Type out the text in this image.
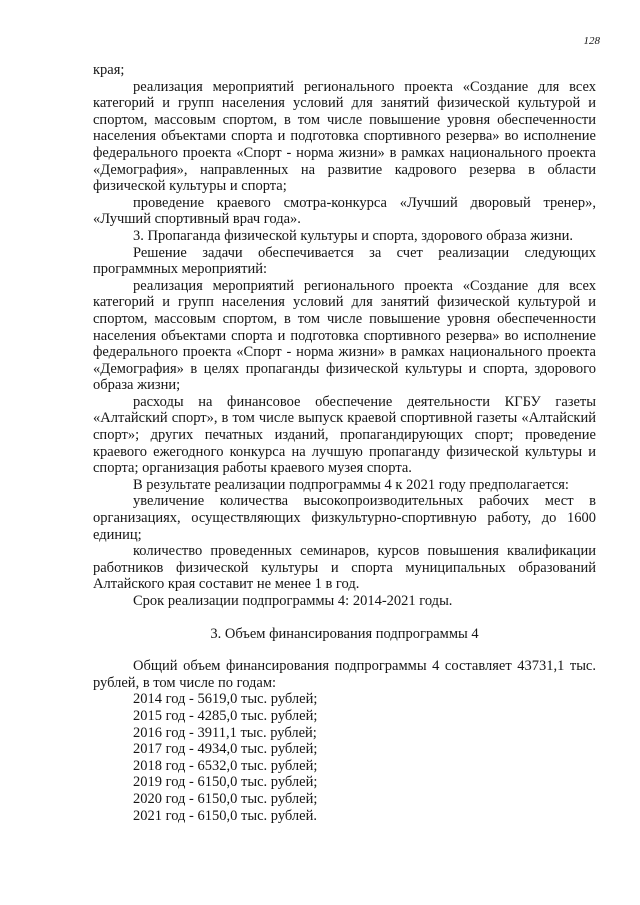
128

края;

реализация мероприятий регионального проекта «Создание для всех категорий и групп населения условий для занятий физической культурой и спортом, массовым спортом, в том числе повышение уровня обеспеченности населения объектами спорта и подготовка спортивного резерва» во исполнение федерального проекта «Спорт - норма жизни» в рамках национального проекта «Демография», направленных на развитие кадрового резерва в области физической культуры и спорта;

проведение краевого смотра-конкурса «Лучший дворовый тренер», «Лучший спортивный врач года».

3. Пропаганда физической культуры и спорта, здорового образа жизни.

Решение задачи обеспечивается за счет реализации следующих программных мероприятий:

реализация мероприятий регионального проекта «Создание для всех категорий и групп населения условий для занятий физической культурой и спортом, массовым спортом, в том числе повышение уровня обеспеченности населения объектами спорта и подготовка спортивного резерва» во исполнение федерального проекта «Спорт - норма жизни» в рамках национального проекта «Демография» в целях пропаганды физической культуры и спорта, здорового образа жизни;

расходы на финансовое обеспечение деятельности КГБУ газеты «Алтайский спорт», в том числе выпуск краевой спортивной газеты «Алтайский спорт»; других печатных изданий, пропагандирующих спорт; проведение краевого ежегодного конкурса на лучшую пропаганду физической культуры и спорта; организация работы краевого музея спорта.

В результате реализации подпрограммы 4 к 2021 году предполагается:

увеличение количества высокопроизводительных рабочих мест в организациях, осуществляющих физкультурно-спортивную работу, до 1600 единиц;

количество проведенных семинаров, курсов повышения квалификации работников физической культуры и спорта муниципальных образований Алтайского края составит не менее 1 в год.

Срок реализации подпрограммы 4: 2014-2021 годы.

3. Объем финансирования подпрограммы 4

Общий объем финансирования подпрограммы 4 составляет 43731,1 тыс. рублей, в том числе по годам:

2014 год - 5619,0 тыс. рублей;
2015 год - 4285,0 тыс. рублей;
2016 год - 3911,1 тыс. рублей;
2017 год - 4934,0 тыс. рублей;
2018 год - 6532,0 тыс. рублей;
2019 год - 6150,0 тыс. рублей;
2020 год - 6150,0 тыс. рублей;
2021 год - 6150,0 тыс. рублей.
